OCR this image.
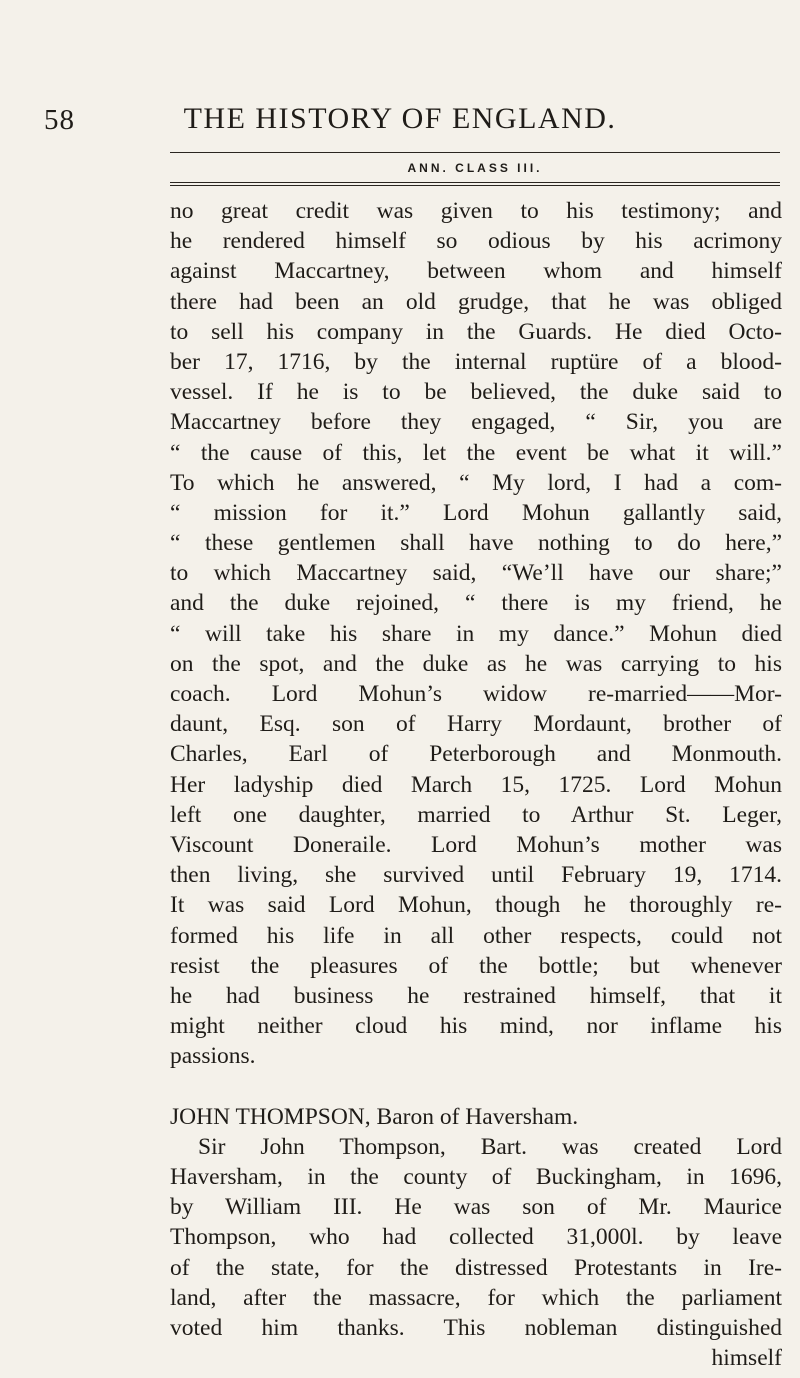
58	THE HISTORY OF ENGLAND.
ANN. CLASS III.
no great credit was given to his testimony; and
he rendered himself so odious by his acrimony
against Maccartney, between whom and himself
there had been an old grudge, that he was obliged
to sell his company in the Guards. He died Octo-
ber 17, 1716, by the internal ruptüre of a blood-
vessel. If he is to be believed, the duke said to
Maccartney before they engaged, “ Sir, you are
“ the cause of this, let the event be what it will.”
To which he answered, “ My lord, I had a com-
“ mission for it.” Lord Mohun gallantly said,
“ these gentlemen shall have nothing to do here,”
to which Maccartney said, “We’ll have our share;”
and the duke rejoined, “ there is my friend, he
“ will take his share in my dance.” Mohun died
on the spot, and the duke as he was carrying to his
coach. Lord Mohun’s widow re-married——Mor-
daunt, Esq. son of Harry Mordaunt, brother of
Charles, Earl of Peterborough and Monmouth.
Her ladyship died March 15, 1725. Lord Mohun
left one daughter, married to Arthur St. Leger,
Viscount Doneraile. Lord Mohun’s mother was
then living, she survived until February 19, 1714.
It was said Lord Mohun, though he thoroughly re-
formed his life in all other respects, could not
resist the pleasures of the bottle; but whenever
he had business he restrained himself, that it
might neither cloud his mind, nor inflame his
passions.
JOHN THOMPSON, Baron of Haversham.
Sir John Thompson, Bart. was created Lord
Haversham, in the county of Buckingham, in 1696,
by William III. He was son of Mr. Maurice
Thompson, who had collected 31,000l. by leave
of the state, for the distressed Protestants in Ire-
land, after the massacre, for which the parliament
voted him thanks. This nobleman distinguished
himself
